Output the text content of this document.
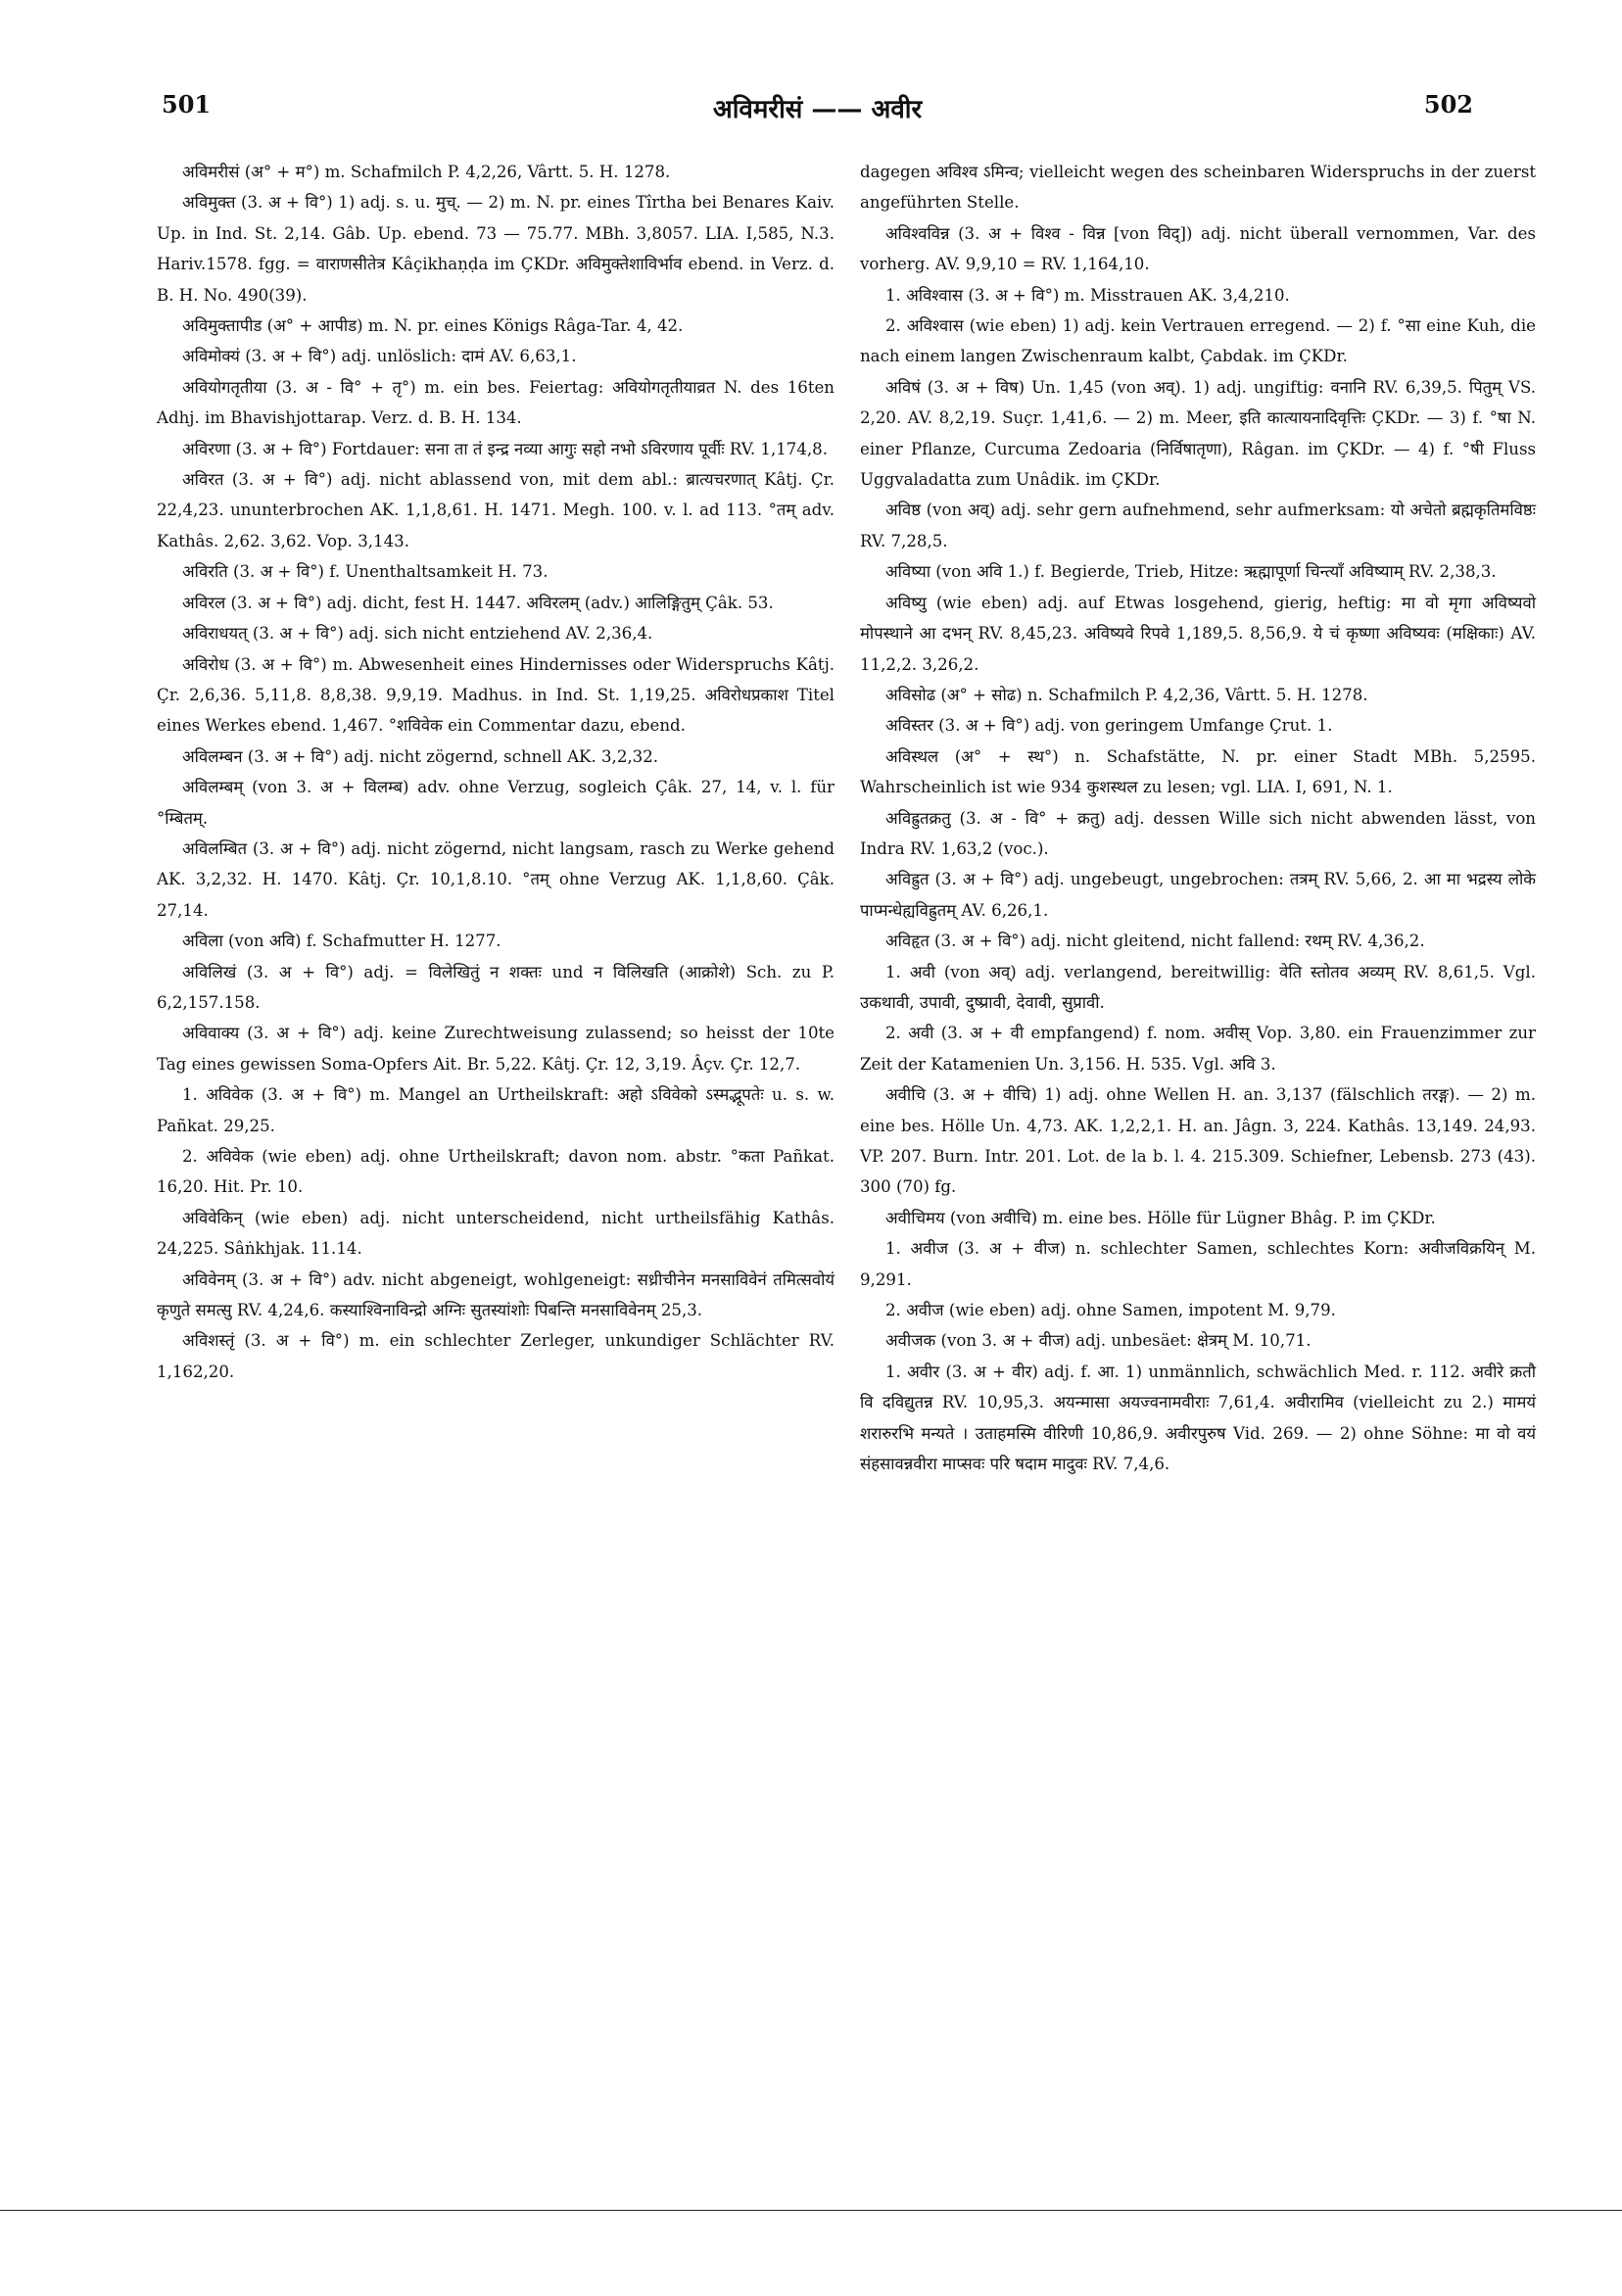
501	अविमरीसं —— अवीर	502

अविमरीसं (अ° + म°) m. Schafmilch P. 4,2,26, Vârtt. 5. H. 1278.

अविमुक्त (3. अ + वि°) 1) adj. s. u. मुच्. — 2) m. N. pr. eines Tîrtha bei Benares Kaiv. Up. in Ind. St. 2,14. Gâb. Up. ebend. 73 — 75.77. MBh. 3,8057. LIA. I,585, N.3. Hariv.1578. fgg. = वाराणसीतेत्र Kâçikhaṇḍa im ÇKDr. अविमुक्तेशाविर्भाव ebend. in Verz. d. B. H. No. 490(39).

अविमुक्तापीड (अ° + आपीड) m. N. pr. eines Königs Râga-Tar. 4, 42.

अविमोक्यं (3. अ + वि°) adj. unlöslich: दामं AV. 6,63,1.

अवियोगतृतीया (3. अ - वि° + तृ°) m. ein bes. Feiertag: अवियोगतृतीयाव्रत N. des 16ten Adhj. im Bhavishjottarap. Verz. d. B. H. 134.

अविरणा (3. अ + वि°) Fortdauer: सना ता तं इन्द्र नव्या आगुः सहो नभो ऽविरणाय पूर्वीः RV. 1,174,8.

अविरत (3. अ + वि°) adj. nicht ablassend von, mit dem abl.: ब्रात्यचरणात् Kâtj. Çr. 22,4,23. ununterbrochen AK. 1,1,8,61. H. 1471. Megh. 100. v. l. ad 113. °तम् adv. Kathâs. 2,62. 3,62. Vop. 3,143.

अविरति (3. अ + वि°) f. Unenthaltsamkeit H. 73.

अविरल (3. अ + वि°) adj. dicht, fest H. 1447. अविरलम् (adv.) आलिङ्गितुम् Çâk. 53.

अविराधयत् (3. अ + वि°) adj. sich nicht entziehend AV. 2,36,4.

अविरोध (3. अ + वि°) m. Abwesenheit eines Hindernisses oder Widerspruchs Kâtj. Çr. 2,6,36. 5,11,8. 8,8,38. 9,9,19. Madhus. in Ind. St. 1,19,25. अविरोधप्रकाश Titel eines Werkes ebend. 1,467. °शविवेक ein Commentar dazu, ebend.

अविलम्बन (3. अ + वि°) adj. nicht zögernd, schnell AK. 3,2,32.

अविलम्बम् (von 3. अ + विलम्ब) adv. ohne Verzug, sogleich Çâk. 27, 14, v. l. für °म्बितम्.

अविलम्बित (3. अ + वि°) adj. nicht zögernd, nicht langsam, rasch zu Werke gehend AK. 3,2,32. H. 1470. Kâtj. Çr. 10,1,8.10. °तम् ohne Verzug AK. 1,1,8,60. Çâk. 27,14.

अविला (von अवि) f. Schafmutter H. 1277.

अविलिखं (3. अ + वि°) adj. = विलेखितुं न शक्तः und न विलिखति (आक्रोशे) Sch. zu P. 6,2,157.158.

अविवाक्य (3. अ + वि°) adj. keine Zurechtweisung zulassend; so heisst der 10te Tag eines gewissen Soma-Opfers Ait. Br. 5,22. Kâtj. Çr. 12, 3,19. Âçv. Çr. 12,7.

1. अविवेक (3. अ + वि°) m. Mangel an Urtheilskraft: अहो ऽविवेको ऽस्मद्भूपतेः u. s. w. Pañkat. 29,25.

2. अविवेक (wie eben) adj. ohne Urtheilskraft; davon nom. abstr. °कता Pañkat. 16,20. Hit. Pr. 10.

अविवेकिन् (wie eben) adj. nicht unterscheidend, nicht urtheilsfähig Kathâs. 24,225. Sâṅkhjak. 11.14.

अविवेनम् (3. अ + वि°) adv. nicht abgeneigt, wohlgeneigt: सध्रीचीनेन मनसाविवेनं तमित्सवोयं कृणुते समत्सु RV. 4,24,6. कस्याश्विनाविन्द्रो अग्निः सुतस्यांशोः पिबन्ति मनसाविवेनम् 25,3.

अविशस्तृं (3. अ + वि°) m. ein schlechter Zerleger, unkundiger Schlächter RV. 1,162,20.

dagegen अविश्व ऽमिन्व; vielleicht wegen des scheinbaren Widerspruchs in der zuerst angeführten Stelle.

अविश्वविन्न (3. अ + विश्व - विन्न [von विद्]) adj. nicht überall vernommen, Var. des vorherg. AV. 9,9,10 = RV. 1,164,10.

1. अविश्वास (3. अ + वि°) m. Misstrauen AK. 3,4,210.

2. अविश्वास (wie eben) 1) adj. kein Vertrauen erregend. — 2) f. °सा eine Kuh, die nach einem langen Zwischenraum kalbt, Çabdak. im ÇKDr.

अविषं (3. अ + विष) Un. 1,45 (von अव्). 1) adj. ungiftig: वनानि RV. 6,39,5. पितुम् VS. 2,20. AV. 8,2,19. Suçr. 1,41,6. — 2) m. Meer, इति कात्यायनादिवृत्तिः ÇKDr. — 3) f. °षा N. einer Pflanze, Curcuma Zedoaria (निर्विषातृणा), Râgan. im ÇKDr. — 4) f. °षी Fluss Uggvaladatta zum Unâdik. im ÇKDr.

अविष्ठ (von अव्) adj. sehr gern aufnehmend, sehr aufmerksam: यो अचेतो ब्रह्मकृतिमविष्ठः RV. 7,28,5.

अविष्या (von अवि 1.) f. Begierde, Trieb, Hitze: ऋह्मापूर्णा चिन्त्याँ अविष्याम् RV. 2,38,3.

अविष्यु (wie eben) adj. auf Etwas losgehend, gierig, heftig: मा वो मृगा अविष्यवो मोपस्थाने आ दभन् RV. 8,45,23. अविष्यवे रिपवे 1,189,5. 8,56,9. ये चं कृष्णा अविष्यवः (मक्षिकाः) AV. 11,2,2. 3,26,2.

अविसोढ (अ° + सोढ) n. Schafmilch P. 4,2,36, Vârtt. 5. H. 1278.

अविस्तर (3. अ + वि°) adj. von geringem Umfange Çrut. 1.

अविस्थल (अ° + स्थ°) n. Schafstätte, N. pr. einer Stadt MBh. 5,2595. Wahrscheinlich ist wie 934 कुशस्थल zu lesen; vgl. LIA. I, 691, N. 1.

अविह्रुतक्रतु (3. अ - वि° + क्रतु) adj. dessen Wille sich nicht abwenden lässt, von Indra RV. 1,63,2 (voc.).

अविह्रुत (3. अ + वि°) adj. ungebeugt, ungebrochen: तत्रम् RV. 5,66, 2. आ मा भद्रस्य लोके पाप्मन्धेह्यविह्रुतम् AV. 6,26,1.

अविहृत (3. अ + वि°) adj. nicht gleitend, nicht fallend: रथम् RV. 4,36,2.

1. अवी (von अव्) adj. verlangend, bereitwillig: वेति स्तोतव अव्यम् RV. 8,61,5. Vgl. उकथावी, उपावी, दुष्प्रावी, देवावी, सुप्रावी.

2. अवी (3. अ + वी empfangend) f. nom. अवीस् Vop. 3,80. ein Frauenzimmer zur Zeit der Katamenien Un. 3,156. H. 535. Vgl. अवि 3.

अवीचि (3. अ + वीचि) 1) adj. ohne Wellen H. an. 3,137 (fälschlich तरङ्ग). — 2) m. eine bes. Hölle Un. 4,73. AK. 1,2,2,1. H. an. Jâgn. 3, 224. Kathâs. 13,149. 24,93. VP. 207. Burn. Intr. 201. Lot. de la b. l. 4. 215.309. Schiefner, Lebensb. 273 (43). 300 (70) fg.

अवीचिमय (von अवीचि) m. eine bes. Hölle für Lügner Bhâg. P. im ÇKDr.

1. अवीज (3. अ + वीज) n. schlechter Samen, schlechtes Korn: अवीजविक्रयिन् M. 9,291.

2. अवीज (wie eben) adj. ohne Samen, impotent M. 9,79.

अवीजक (von 3. अ + वीज) adj. unbesäet: क्षेत्रम् M. 10,71.

1. अवीर (3. अ + वीर) adj. f. आ. 1) unmännlich, schwächlich Med. r. 112. अवीरे क्रतौ वि दविद्युतन्न RV. 10,95,3. अयन्मासा अयज्वनामवीराः 7,61,4. अवीरामिव (vielleicht zu 2.) मामयं शरारुरभि मन्यते । उताहमस्मि वीरिणी 10,86,9. अवीरपुरुष Vid. 269. — 2) ohne Söhne: मा वो वयं संहसावन्नवीरा माप्सवः परि षदाम मादुवः RV. 7,4,6.
